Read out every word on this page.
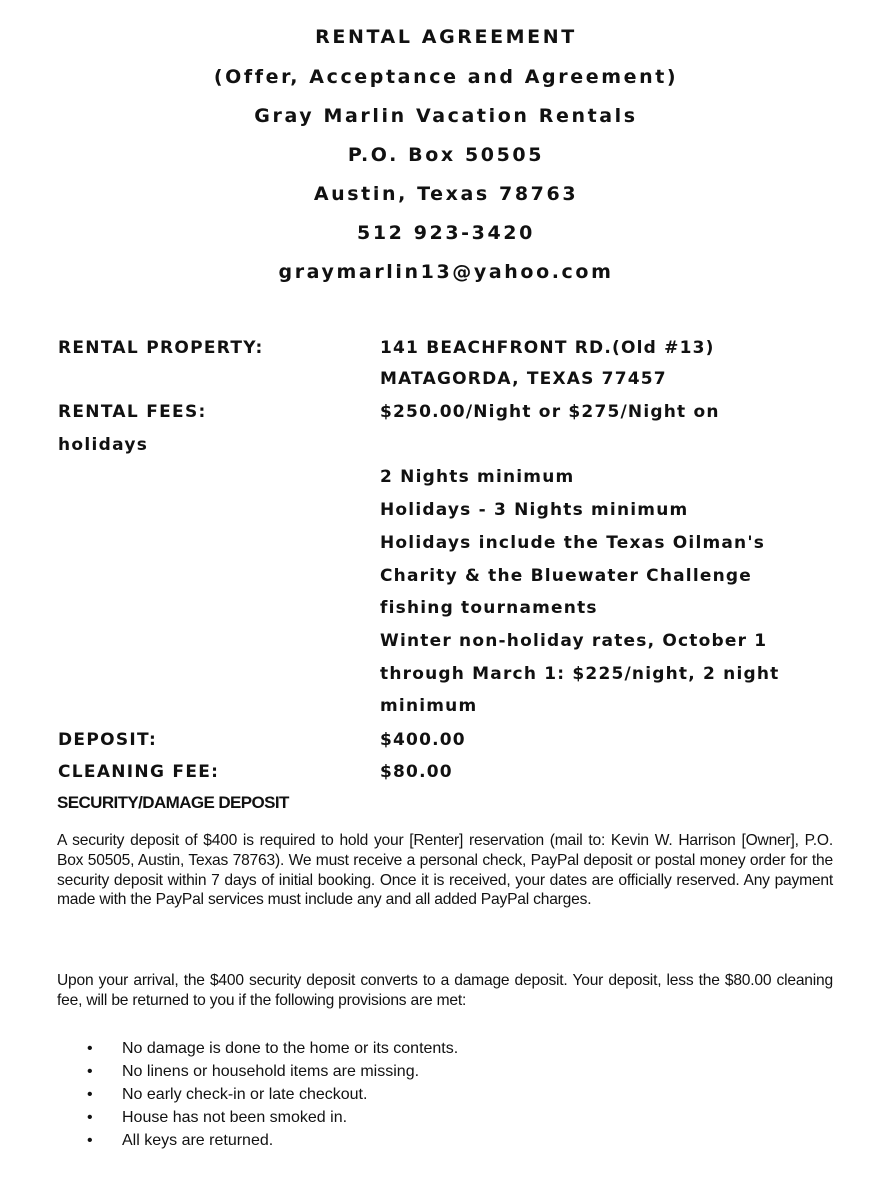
RENTAL AGREEMENT
(Offer, Acceptance and Agreement)
Gray Marlin Vacation Rentals
P.O. Box 50505
Austin, Texas 78763
512 923-3420
graymarlin13@yahoo.com
RENTAL PROPERTY:	141 BEACHFRONT RD.(Old #13)
MATAGORDA, TEXAS 77457
RENTAL FEES:	$250.00/Night or $275/Night on
holidays
2 Nights minimum
Holidays - 3 Nights minimum
Holidays include the Texas Oilman's
Charity & the Bluewater Challenge
fishing tournaments
Winter non-holiday rates, October 1
through March 1: $225/night, 2 night
minimum
DEPOSIT:	$400.00
CLEANING FEE:	$80.00
SECURITY/DAMAGE DEPOSIT
A security deposit of $400 is required to hold your [Renter] reservation (mail to: Kevin W. Harrison [Owner], P.O. Box 50505, Austin, Texas 78763). We must receive a personal check, PayPal deposit or postal money order for the security deposit within 7 days of initial booking. Once it is received, your dates are officially reserved. Any payment made with the PayPal services must include any and all added PayPal charges.
Upon your arrival, the $400 security deposit converts to a damage deposit. Your deposit, less the $80.00 cleaning fee, will be returned to you if the following provisions are met:
• No damage is done to the home or its contents.
• No linens or household items are missing.
• No early check-in or late checkout.
• House has not been smoked in.
• All keys are returned.
